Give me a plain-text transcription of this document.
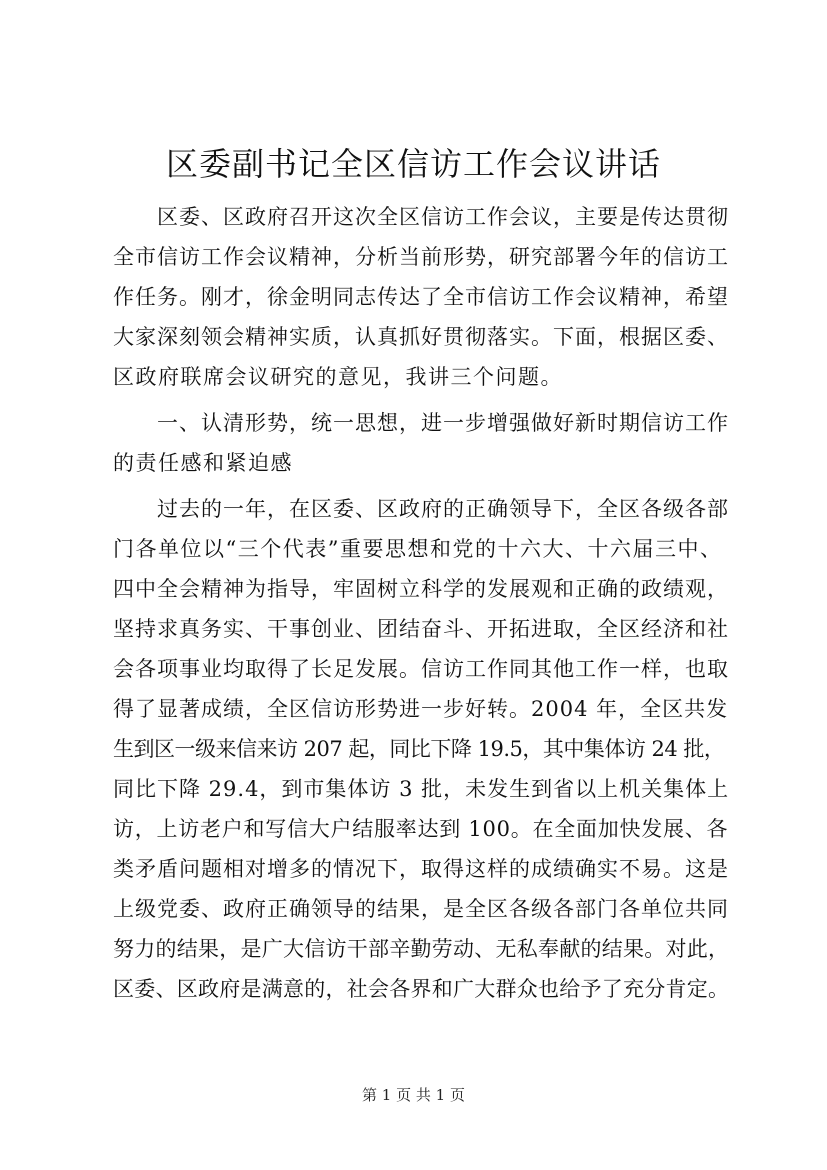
区委副书记全区信访工作会议讲话
　　区委、区政府召开这次全区信访工作会议，主要是传达贯彻
全市信访工作会议精神，分析当前形势，研究部署今年的信访工
作任务。刚才，徐金明同志传达了全市信访工作会议精神，希望
大家深刻领会精神实质，认真抓好贯彻落实。下面，根据区委、
区政府联席会议研究的意见，我讲三个问题。
　　一、认清形势，统一思想，进一步增强做好新时期信访工作
的责任感和紧迫感
　　过去的一年，在区委、区政府的正确领导下，全区各级各部
门各单位以“三个代表”重要思想和党的十六大、十六届三中、
四中全会精神为指导，牢固树立科学的发展观和正确的政绩观，
坚持求真务实、干事创业、团结奋斗、开拓进取，全区经济和社
会各项事业均取得了长足发展。信访工作同其他工作一样，也取
得了显著成绩，全区信访形势进一步好转。2004 年，全区共发
生到区一级来信来访 207 起，同比下降 19.5，其中集体访 24 批，
同比下降 29.4，到市集体访 3 批，未发生到省以上机关集体上
访，上访老户和写信大户结服率达到 100。在全面加快发展、各
类矛盾问题相对增多的情况下，取得这样的成绩确实不易。这是
上级党委、政府正确领导的结果，是全区各级各部门各单位共同
努力的结果，是广大信访干部辛勤劳动、无私奉献的结果。对此，
区委、区政府是满意的，社会各界和广大群众也给予了充分肯定。
第 1 页 共 1 页
